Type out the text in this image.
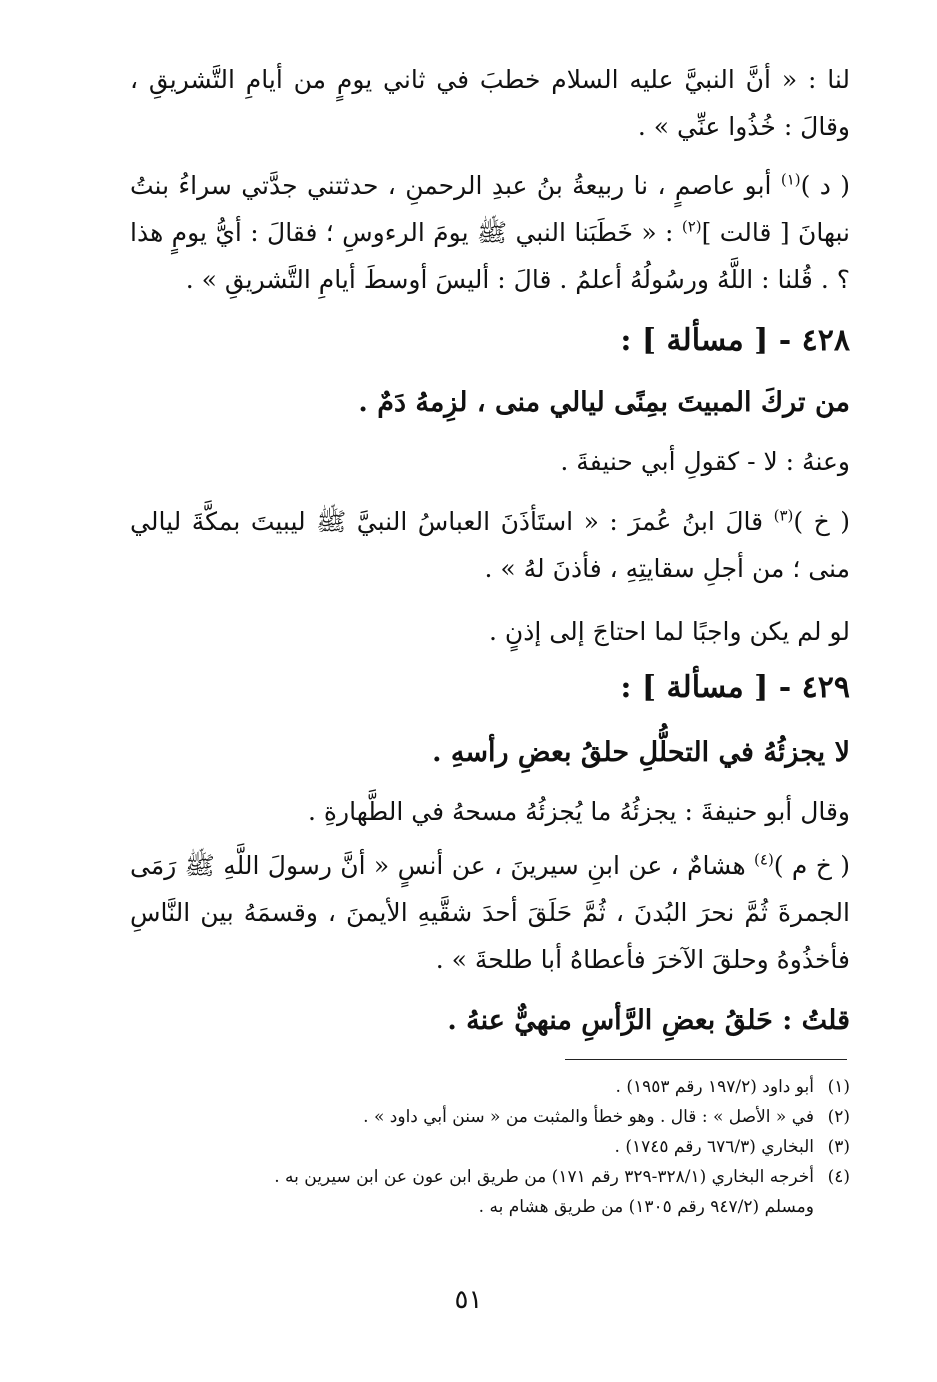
لنا : « أنَّ النبيَّ عليه السلام خطبَ في ثاني يومٍ من أيامِ التَّشريقِ ، وقالَ : خُذُوا عنِّي » .

( د )$^{(١)}$ أبو عاصمٍ ، نا ربيعةُ بنُ عبدِ الرحمنِ ، حدثتني جدَّتي سراءُ بنتُ نبهانَ [ قالت ]$^{(٢)}$ : « خَطَبَنا النبي ﷺ يومَ الرءوسِ ؛ فقالَ : أيُّ يومٍ هذا ؟ . قُلنا : اللَّهُ ورسُولُهُ أعلمُ . قالَ : أليسَ أوسطَ أيامِ التَّشريقِ » .

٤٢٨ - [ مسألة ] :

من تركَ المبيتَ بمِنًى ليالي منى ، لزِمهُ دَمٌ .

وعنهُ : لا - كقولِ أبي حنيفةَ .

( خ )$^{(٣)}$ قالَ ابنُ عُمرَ : « استَأذَنَ العباسُ النبيَّ ﷺ ليبيتَ بمكَّةَ ليالي منى ؛ من أجلِ سقايتِهِ ، فأذنَ لهُ » .

لو لم يكن واجبًا لما احتاجَ إلى إذنٍ .

٤٢٩ - [ مسألة ] :

لا يجزئُهُ في التحلُّلِ حلقُ بعضِ رأسهِ .

وقال أبو حنيفةَ : يجزئُهُ ما يُجزئُهُ مسحهُ في الطَّهارةِ .

( خ م )$^{(٤)}$ هشامٌ ، عن ابنِ سيرينَ ، عن أنسٍ « أنَّ رسولَ اللَّهِ ﷺ رَمَى الجمرةَ ثُمَّ نحرَ البُدنَ ، ثُمَّ حَلَقَ أحدَ شقَّيهِ الأيمنَ ، وقسمَهُ بين النَّاسِ فأخذُوهُ وحلقَ الآخرَ فأعطاهُ أبا طلحةَ » .

قلتُ : حَلقُ بعضِ الرَّأسِ منهيٌّ عنهُ .

(١)أبو داود (١٩٧/٢ رقم ١٩٥٣) .

(٢)في « الأصل » : قال . وهو خطأ والمثبت من « سنن أبي داود » .

(٣)البخاري (٦٧٦/٣ رقم ١٧٤٥) .

(٤)أخرجه البخاري (٣٢٨/١-٣٢٩ رقم ١٧١) من طريق ابن عون عن ابن سيرين به .

ومسلم (٩٤٧/٢ رقم ١٣٠٥) من طريق هشام به .

٥١
